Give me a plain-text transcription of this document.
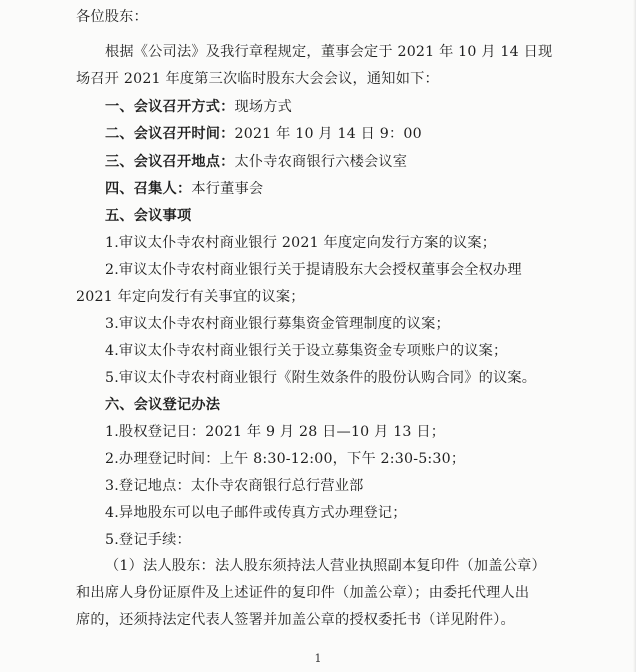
各位股东：
根据《公司法》及我行章程规定，董事会定于 2021 年 10 月 14 日现
场召开 2021 年度第三次临时股东大会会议，通知如下：
一、会议召开方式：现场方式
二、会议召开时间：2021 年 10 月 14 日 9：00
三、会议召开地点：太仆寺农商银行六楼会议室
四、召集人：本行董事会
五、会议事项
1.审议太仆寺农村商业银行 2021 年度定向发行方案的议案；
2.审议太仆寺农村商业银行关于提请股东大会授权董事会全权办理
2021 年定向发行有关事宜的议案；
3.审议太仆寺农村商业银行募集资金管理制度的议案；
4.审议太仆寺农村商业银行关于设立募集资金专项账户的议案；
5.审议太仆寺农村商业银行《附生效条件的股份认购合同》的议案。
六、会议登记办法
1.股权登记日：2021 年 9 月 28 日—10 月 13 日；
2.办理登记时间：上午 8:30-12:00，下午 2:30-5:30；
3.登记地点：太仆寺农商银行总行营业部
4.异地股东可以电子邮件或传真方式办理登记；
5.登记手续：
（1）法人股东：法人股东须持法人营业执照副本复印件（加盖公章）
和出席人身份证原件及上述证件的复印件（加盖公章）；由委托代理人出
席的，还须持法定代表人签署并加盖公章的授权委托书（详见附件）。
1
